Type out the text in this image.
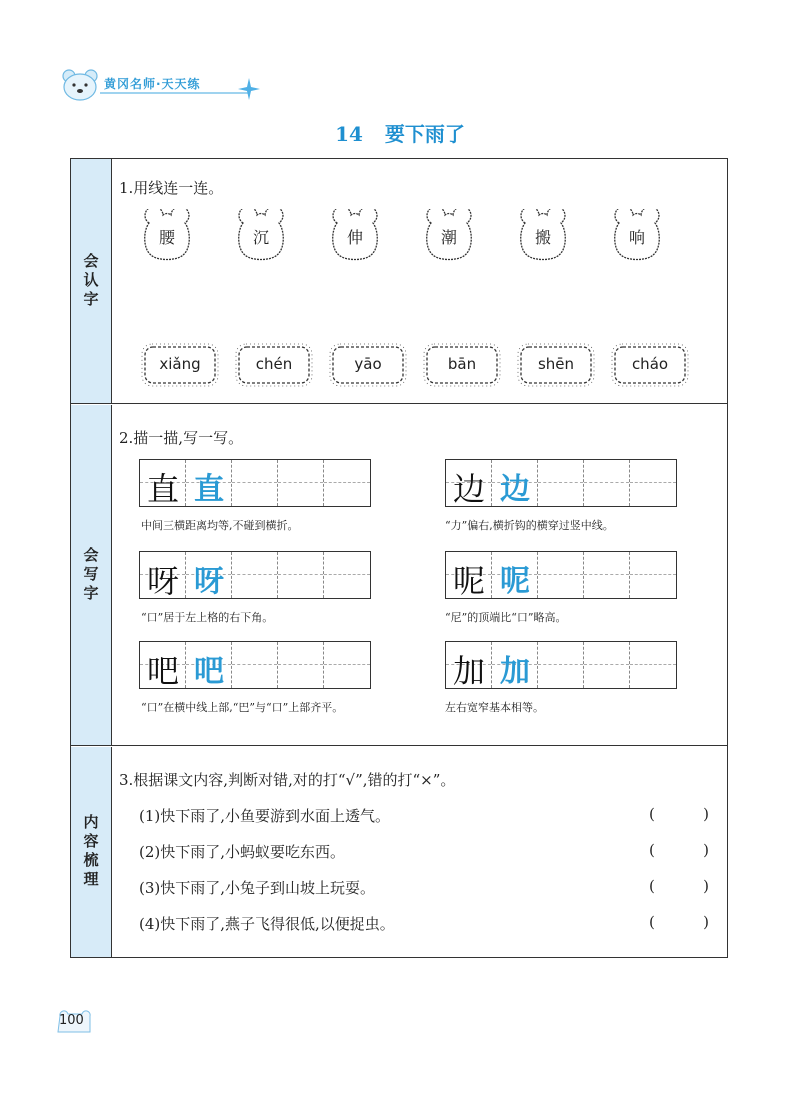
黄冈名师·天天练
14 要下雨了
会认字
1.用线连一连。
腰	沉	伸	潮	搬	响
xiǎng	chén	yāo	bān	shēn	cháo
会写字
2.描一描,写一写。
直 直
中间三横距离均等,不碰到横折。
边 边
“力”偏右,横折钩的横穿过竖中线。
呀 呀
“口”居于左上格的右下角。
呢 呢
“尼”的顶端比“口”略高。
吧 吧
“口”在横中线上部,“巴”与“口”上部齐平。
加 加
左右宽窄基本相等。
内容梳理
3.根据课文内容,判断对错,对的打“√”,错的打“×”。
(1)快下雨了,小鱼要游到水面上透气。	(	)
(2)快下雨了,小蚂蚁要吃东西。	(	)
(3)快下雨了,小兔子到山坡上玩耍。	(	)
(4)快下雨了,燕子飞得很低,以便捉虫。	(	)
100
